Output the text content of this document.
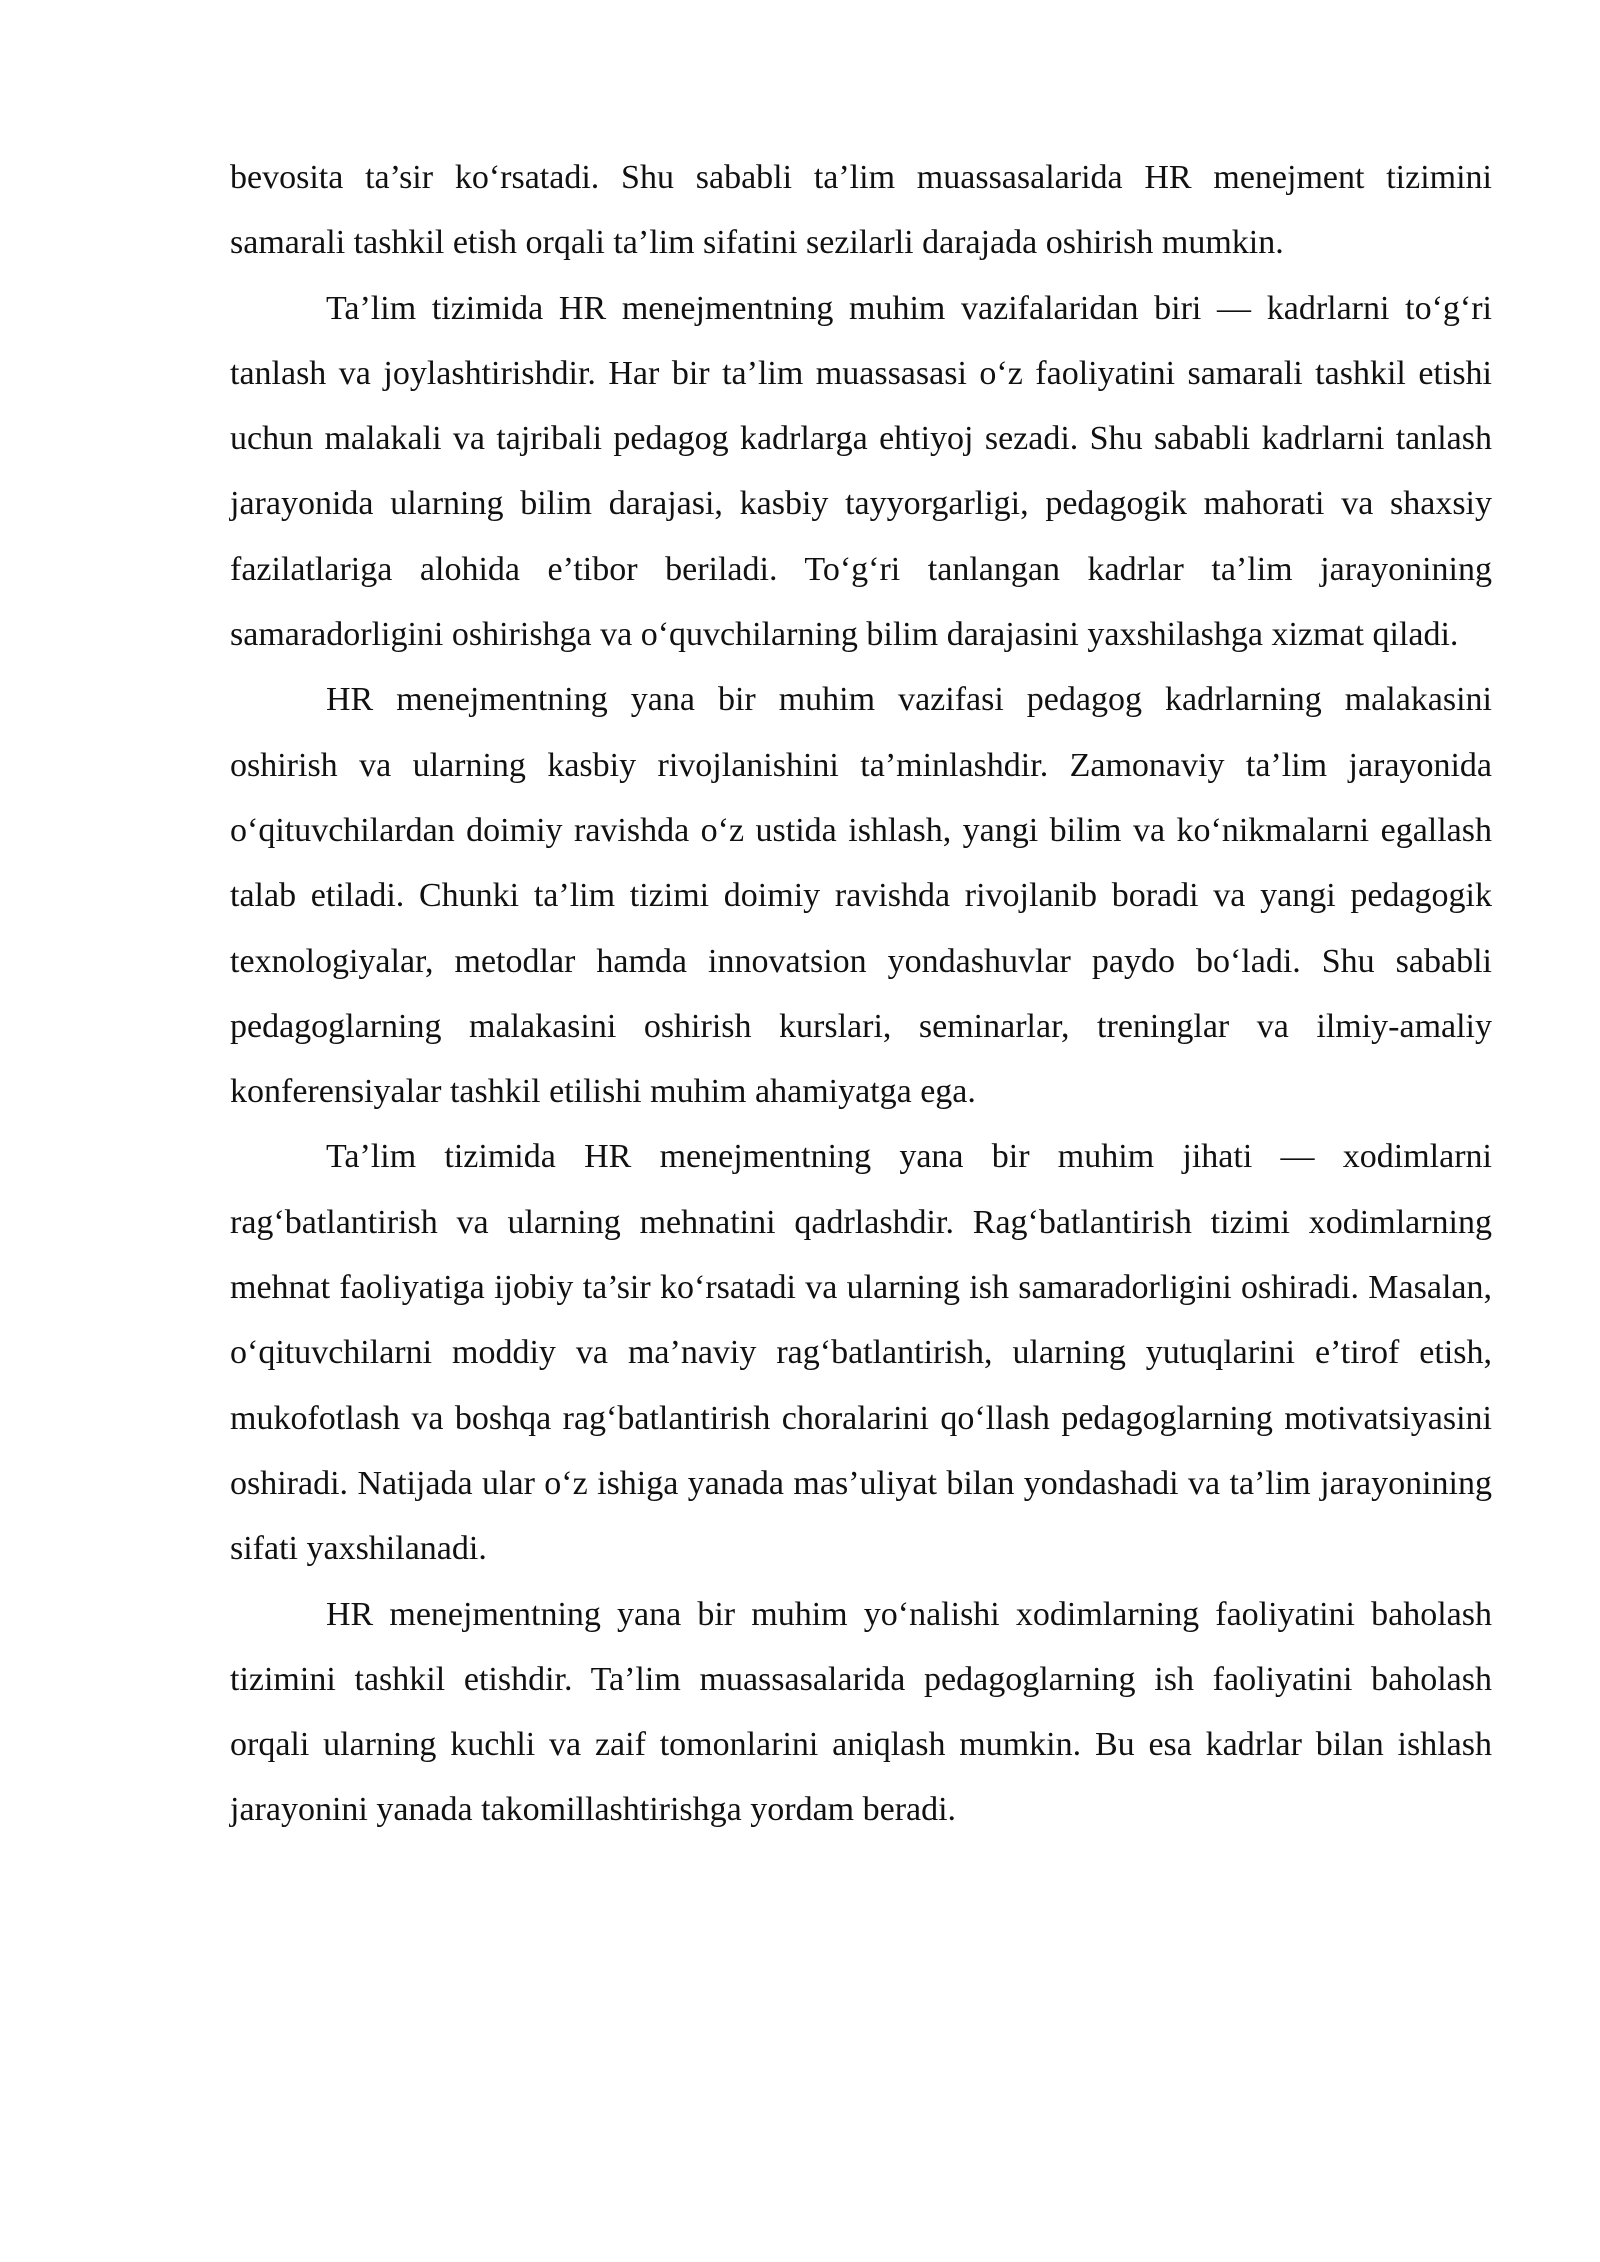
bevosita ta’sir ko‘rsatadi. Shu sababli ta’lim muassasalarida HR menejment tizimini samarali tashkil etish orqali ta’lim sifatini sezilarli darajada oshirish mumkin.

Ta’lim tizimida HR menejmentning muhim vazifalaridan biri — kadrlarni to‘g‘ri tanlash va joylashtirishdir. Har bir ta’lim muassasasi o‘z faoliyatini samarali tashkil etishi uchun malakali va tajribali pedagog kadrlarga ehtiyoj sezadi. Shu sababli kadrlarni tanlash jarayonida ularning bilim darajasi, kasbiy tayyorgarligi, pedagogik mahorati va shaxsiy fazilatlariga alohida e’tibor beriladi. To‘g‘ri tanlangan kadrlar ta’lim jarayonining samaradorligini oshirishga va o‘quvchilarning bilim darajasini yaxshilashga xizmat qiladi.

HR menejmentning yana bir muhim vazifasi pedagog kadrlarning malakasini oshirish va ularning kasbiy rivojlanishini ta’minlashdir. Zamonaviy ta’lim jarayonida o‘qituvchilardan doimiy ravishda o‘z ustida ishlash, yangi bilim va ko‘nikmalarni egallash talab etiladi. Chunki ta’lim tizimi doimiy ravishda rivojlanib boradi va yangi pedagogik texnologiyalar, metodlar hamda innovatsion yondashuvlar paydo bo‘ladi. Shu sababli pedagoglarning malakasini oshirish kurslari, seminarlar, treninglar va ilmiy-amaliy konferensiyalar tashkil etilishi muhim ahamiyatga ega.

Ta’lim tizimida HR menejmentning yana bir muhim jihati — xodimlarni rag‘batlantirish va ularning mehnatini qadrlashdir. Rag‘batlantirish tizimi xodimlarning mehnat faoliyatiga ijobiy ta’sir ko‘rsatadi va ularning ish samaradorligini oshiradi. Masalan, o‘qituvchilarni moddiy va ma’naviy rag‘batlantirish, ularning yutuqlarini e’tirof etish, mukofotlash va boshqa rag‘batlantirish choralarini qo‘llash pedagoglarning motivatsiyasini oshiradi. Natijada ular o‘z ishiga yanada mas’uliyat bilan yondashadi va ta’lim jarayonining sifati yaxshilanadi.

HR menejmentning yana bir muhim yo‘nalishi xodimlarning faoliyatini baholash tizimini tashkil etishdir. Ta’lim muassasalarida pedagoglarning ish faoliyatini baholash orqali ularning kuchli va zaif tomonlarini aniqlash mumkin. Bu esa kadrlar bilan ishlash jarayonini yanada takomillashtirishga yordam beradi.
